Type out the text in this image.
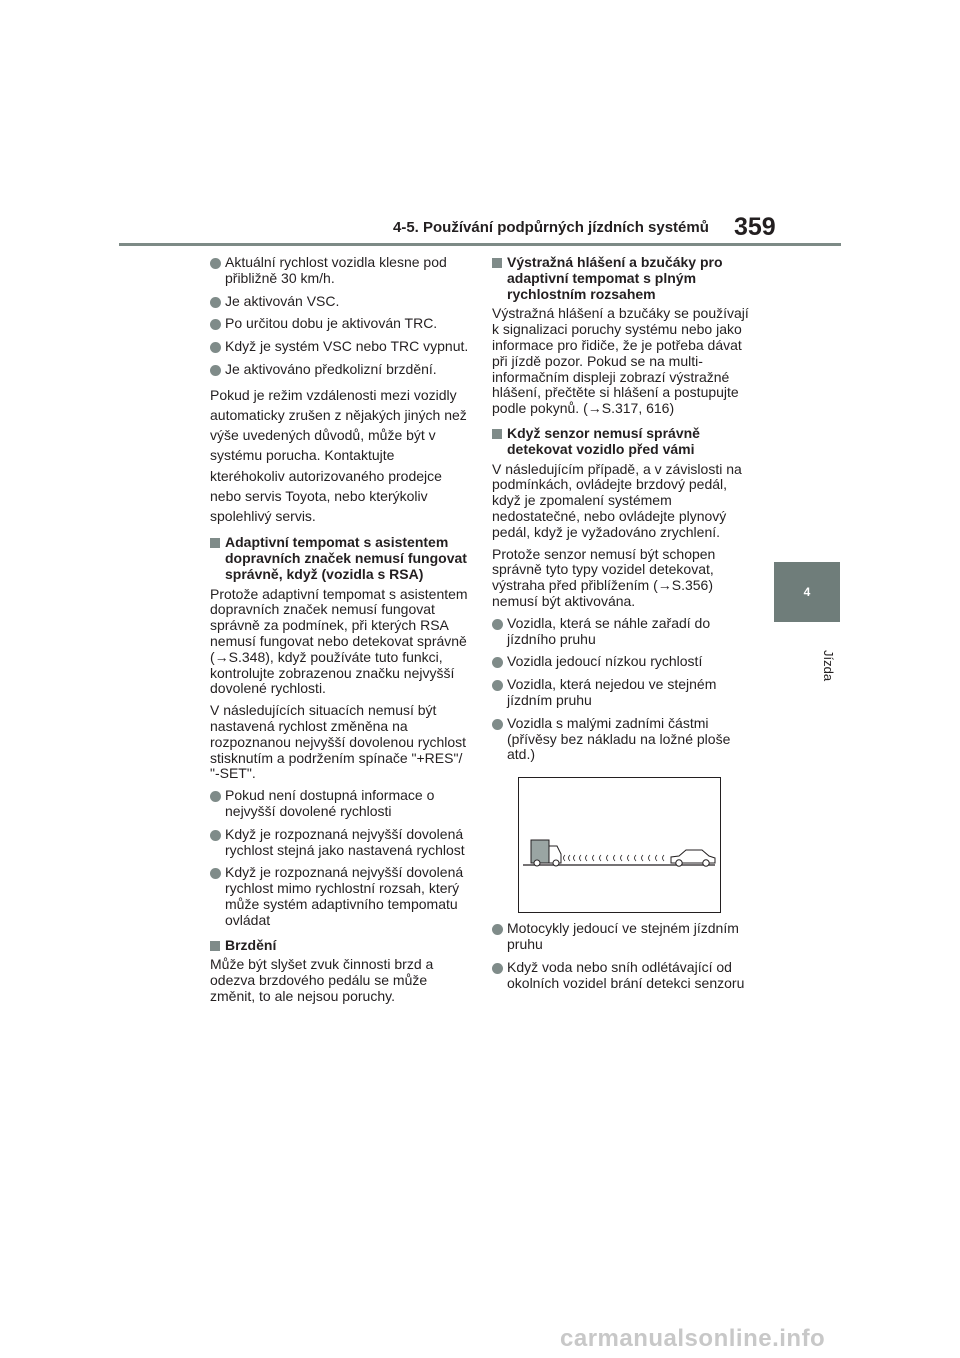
4-5. Používání podpůrných jízdních systémů 359
4
Jízda
Aktuální rychlost vozidla klesne pod přibližně 30 km/h.
Je aktivován VSC.
Po určitou dobu je aktivován TRC.
Když je systém VSC nebo TRC vypnut.
Je aktivováno předkolizní brzdění.

Pokud je režim vzdálenosti mezi vozidly automaticky zrušen z nějakých jiných než výše uvedených důvodů, může být v systému porucha. Kontaktujte kteréhokoliv autorizovaného prodejce nebo servis Toyota, nebo kterýkoliv spolehlivý servis.

Adaptivní tempomat s asistentem dopravních značek nemusí fungovat správně, když (vozidla s RSA)

Protože adaptivní tempomat s asistentem dopravních značek nemusí fungovat správně za podmínek, při kterých RSA nemusí fungovat nebo detekovat správně (→S.348), když používáte tuto funkci, kontrolujte zobrazenou značku nejvyšší dovolené rychlosti.

V následujících situacích nemusí být nastavená rychlost změněna na rozpoznanou nejvyšší dovolenou rychlost stisknutím a podržením spínače "+RES"/ "-SET".

Pokud není dostupná informace o nejvyšší dovolené rychlosti
Když je rozpoznaná nejvyšší dovolená rychlost stejná jako nastavená rychlost
Když je rozpoznaná nejvyšší dovolená rychlost mimo rychlostní rozsah, který může systém adaptivního tempomatu ovládat
Brzdění

Může být slyšet zvuk činnosti brzd a odezva brzdového pedálu se může změnit, to ale nejsou poruchy.

Výstražná hlášení a bzučáky pro adaptivní tempomat s plným rychlostním rozsahem

Výstražná hlášení a bzučáky se používají k signalizaci poruchy systému nebo jako informace pro řidiče, že je potřeba dávat při jízdě pozor. Pokud se na multi-informačním displeji zobrazí výstražné hlášení, přečtěte si hlášení a postupujte podle pokynů. (→S.317, 616)

Když senzor nemusí správně detekovat vozidlo před vámi

V následujícím případě, a v závislosti na podmínkách, ovládejte brzdový pedál, když je zpomalení systémem nedostatečné, nebo ovládejte plynový pedál, když je vyžadováno zrychlení.

Protože senzor nemusí být schopen správně tyto typy vozidel detekovat, výstraha před přiblížením (→S.356) nemusí být aktivována.

Vozidla, která se náhle zařadí do jízdního pruhu
Vozidla jedoucí nízkou rychlostí
Vozidla, která nejedou ve stejném jízdním pruhu
Vozidla s malými zadními částmi (přívěsy bez nákladu na ložné ploše atd.)
Motocykly jedoucí ve stejném jízdním pruhu
Když voda nebo sníh odlétávající od okolních vozidel brání detekci senzoru
carmanualsonline.info
